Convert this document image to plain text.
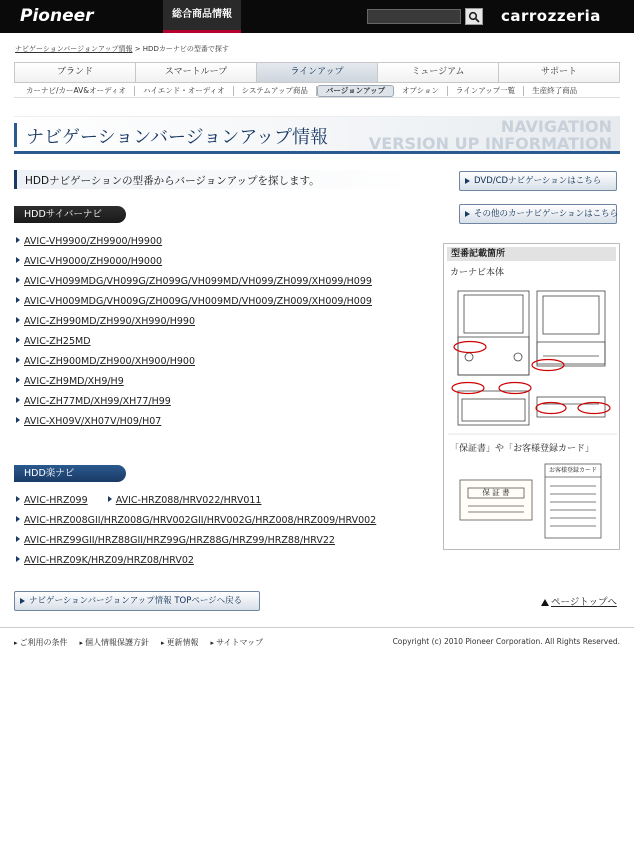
Pioneer	総合商品情報	carrozzeria
ナビゲーションバージョンアップ情報 > HDDカーナビの型番で探す
ブランド	スマートループ	ラインアップ	ミュージアム	サポート
カーナビ/カーAV&オーディオ	ハイエンド・オーディオ	システムアップ商品	バージョンアップ	オプション	ラインアップ一覧	生産終了商品
ナビゲーションバージョンアップ情報
NAVIGATION
VERSION UP INFORMATION
HDDナビゲーションの型番からバージョンアップを探します。	DVD/CDナビゲーションはこちら
その他のカーナビゲーションはこちら
HDDサイバーナビ
AVIC-VH9900/ZH9900/H9900
AVIC-VH9000/ZH9000/H9000
AVIC-VH099MDG/VH099G/ZH099G/VH099MD/VH099/ZH099/XH099/H099
AVIC-VH009MDG/VH009G/ZH009G/VH009MD/VH009/ZH009/XH009/H009
AVIC-ZH990MD/ZH990/XH990/H990
AVIC-ZH25MD
AVIC-ZH900MD/ZH900/XH900/H900
AVIC-ZH9MD/XH9/H9
AVIC-ZH77MD/XH99/XH77/H99
AVIC-XH09V/XH07V/H09/H07
HDD楽ナビ
AVIC-HRZ099	AVIC-HRZ088/HRV022/HRV011
AVIC-HRZ008GII/HRZ008G/HRV002GII/HRV002G/HRZ008/HRZ009/HRV002
AVIC-HRZ99GII/HRZ88GII/HRZ99G/HRZ88G/HRZ99/HRZ88/HRV22
AVIC-HRZ09K/HRZ09/HRZ08/HRV02
型番記載箇所
カーナビ本体
「保証書」や「お客様登録カード」
保 証 書
お客様登録カード
ナビゲーションバージョンアップ情報 TOPページへ戻る	ページトップへ
▸ ご利用の条件	▸ 個人情報保護方針	▸ 更新情報	▸ サイトマップ	Copyright (c) 2010 Pioneer Corporation. All Rights Reserved.
